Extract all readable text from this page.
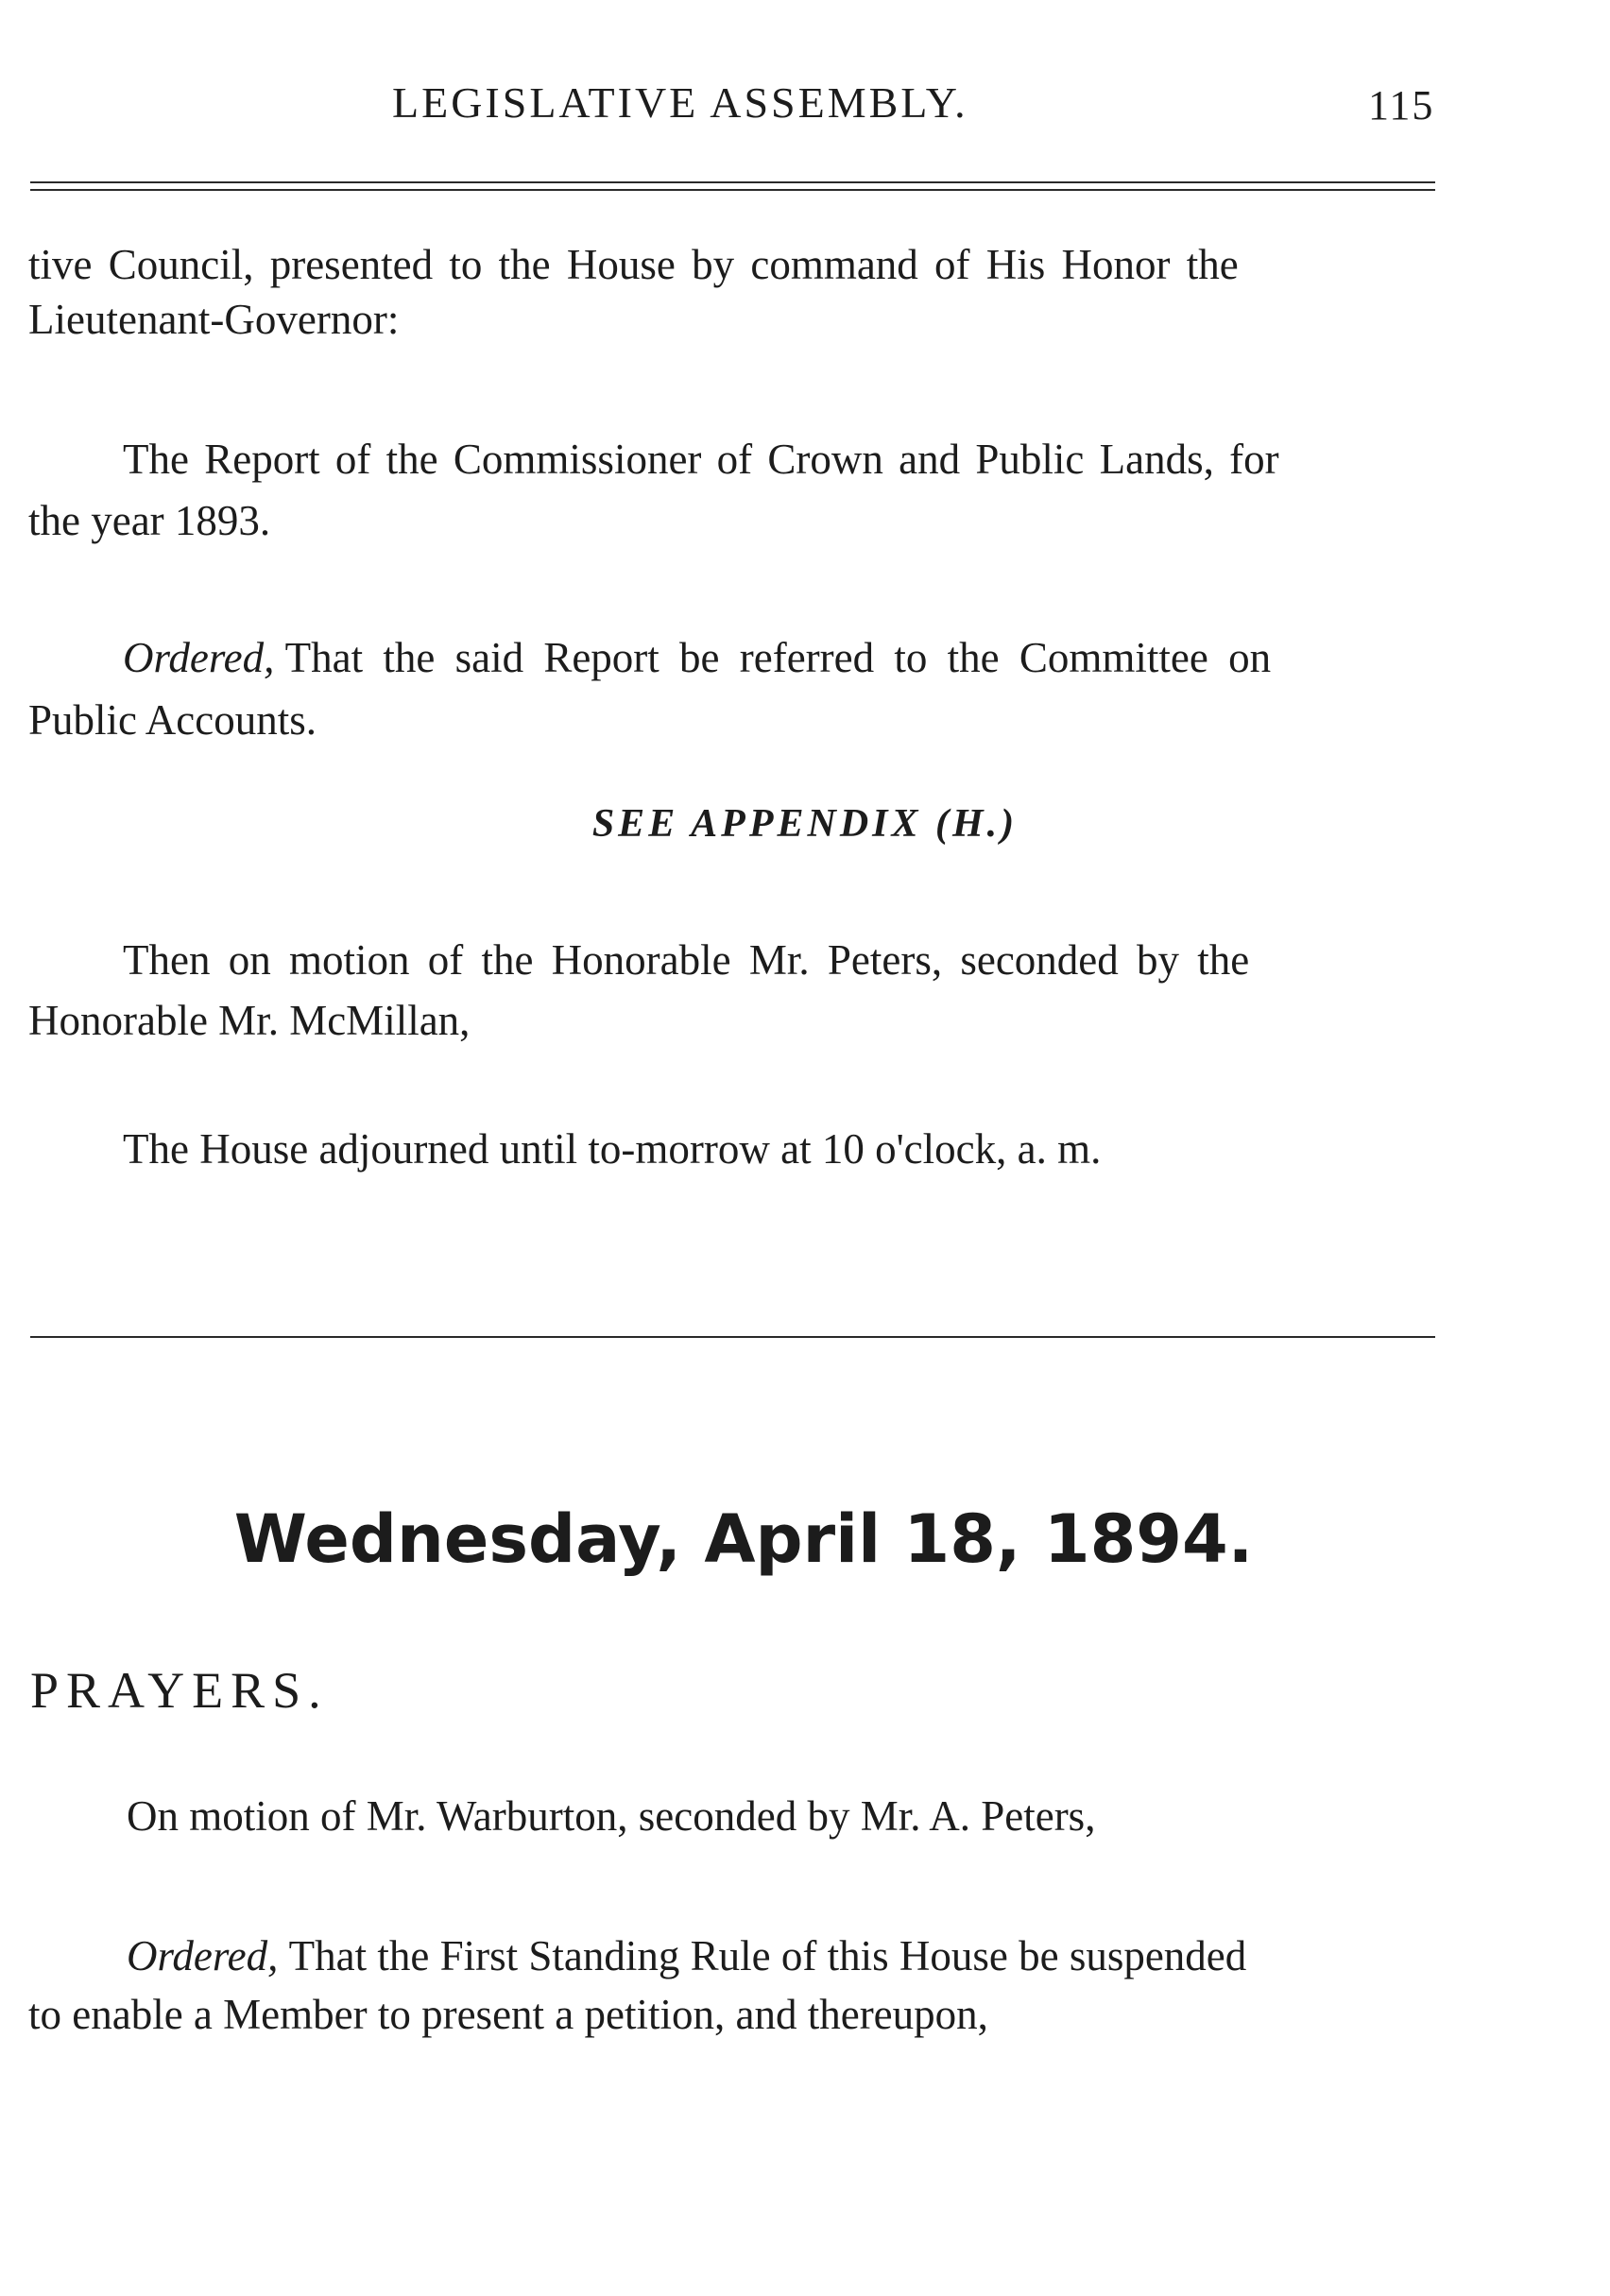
LEGISLATIVE ASSEMBLY.	115
tive Council, presented to the House by command of His Honor the
Lieutenant-Governor:
The Report of the Commissioner of Crown and Public Lands, for
the year 1893.
Ordered, That the said Report be referred to the Committee on
Public Accounts.
SEE APPENDIX (H.)
Then on motion of the Honorable Mr. Peters, seconded by the
Honorable Mr. McMillan,
The House adjourned until to-morrow at 10 o'clock, a. m.
Wednesday, April 18, 1894.
PRAYERS.
On motion of Mr. Warburton, seconded by Mr. A. Peters,
Ordered, That the First Standing Rule of this House be suspended
to enable a Member to present a petition, and thereupon,
